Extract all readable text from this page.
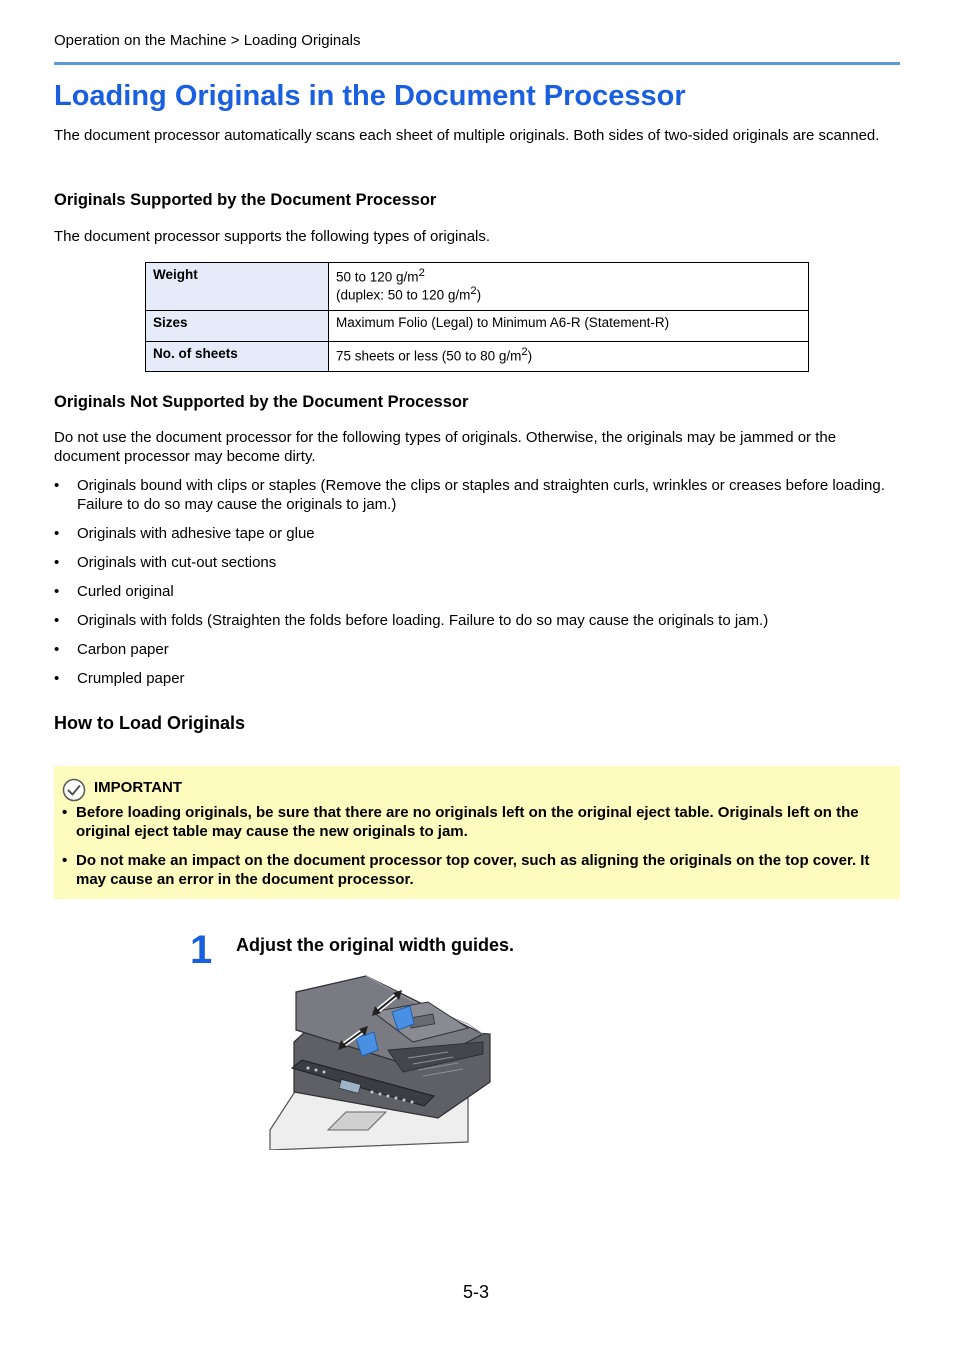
Operation on the Machine > Loading Originals
Loading Originals in the Document Processor
The document processor automatically scans each sheet of multiple originals. Both sides of two-sided originals are scanned.
Originals Supported by the Document Processor
The document processor supports the following types of originals.
Weight	50 to 120 $g/m^2$
(duplex: 50 to 120 $g/m^2$)
Sizes	Maximum Folio (Legal) to Minimum A6-R (Statement-R)
No. of sheets	75 sheets or less (50 to 80 $g/m^2$)
Originals Not Supported by the Document Processor
Do not use the document processor for the following types of originals. Otherwise, the originals may be jammed or the document processor may become dirty.
• Originals bound with clips or staples (Remove the clips or staples and straighten curls, wrinkles or creases before loading. Failure to do so may cause the originals to jam.)
• Originals with adhesive tape or glue
• Originals with cut-out sections
• Curled original
• Originals with folds (Straighten the folds before loading. Failure to do so may cause the originals to jam.)
• Carbon paper
• Crumpled paper
How to Load Originals
IMPORTANT
• Before loading originals, be sure that there are no originals left on the original eject table. Originals left on the original eject table may cause the new originals to jam.
• Do not make an impact on the document processor top cover, such as aligning the originals on the top cover. It may cause an error in the document processor.
1 Adjust the original width guides.
5-3
